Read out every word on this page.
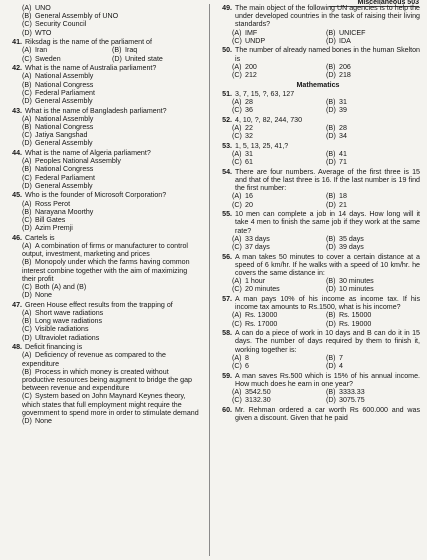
Miscellaneous 503
(A) UNO
(B) General Assembly of UNO
(C) Security Council
(D) WTO
41. Riksdag is the name of the parliament of
(A) Iran	(B) Iraq
(C) Sweden	(D) United state
42. What is the name of Australia parliament?
(A) National Assembly
(B) National Congress
(C) Federal Parliament
(D) General Assembly
43. What is the name of Bangladesh parliament?
(A) National Assembly
(B) National Congress
(C) Jatiya Sangshad
(D) General Assembly
44. What is the name of Algeria parliament?
(A) Peoples National Assembly
(B) National Congress
(C) Federal Parliament
(D) General Assembly
45. Who is the founder of Microsoft Corporation?
(A) Ross Perot
(B) Narayana Moorthy
(C) Bill Gates
(D) Azim Premji
46. Cartels is
(A) A combination of firms or manufacturer to control output, investment, marketing and prices
(B) Monopoly under which the farms having common interest combine together with the aim of maximizing their profit
(C) Both (A) and (B)
(D) None
47. Green House effect results from the trapping of
(A) Short wave radiations
(B) Long wave radiations
(C) Visible radiations
(D) Ultraviolet radiations
48. Deficit financing is
(A) Deficiency of revenue as compared to the expenditure
(B) Process in which money is created without productive resources being augment to bridge the gap between revenue and expenditure
(C) System based on John Maynard Keynes theory, which states that full employment might require the government to spend more in order to stimulate demand
(D) None
49. The main object of the following UN agencies is to help the under developed countries in the task of raising their living standards?
(A) IMF	(B) UNICEF
(C) UNDP	(D) IDA
50. The number of already named bones in the human Skelton is
(A) 200	(B) 206
(C) 212	(D) 218
Mathematics
51. 3, 7, 15, ?, 63, 127
(A) 28	(B) 31
(C) 36	(D) 39
52. 4, 10, ?, 82, 244, 730
(A) 22	(B) 28
(C) 32	(D) 34
53. 1, 5, 13, 25, 41,?
(A) 31	(B) 41
(C) 61	(D) 71
54. There are four numbers. Average of the first three is 15 and that of the last three is 16. If the last number is 19 find the first number:
(A) 16	(B) 18
(C) 20	(D) 21
55. 10 men can complete a job in 14 days. How long will it take 4 men to finish the same job if they work at the same rate?
(A) 33 days	(B) 35 days
(C) 37 days	(D) 39 days
56. A man takes 50 minutes to cover a certain distance at a speed of 6 km/hr. If he walks with a speed of 10 km/hr. he covers the same distance in:
(A) 1 hour	(B) 30 minutes
(C) 20 minutes	(D) 10 minutes
57. A man pays 10% of his income as income tax. If his income tax amounts to Rs.1500, what is his income?
(A) Rs. 13000	(B) Rs. 15000
(C) Rs. 17000	(D) Rs. 19000
58. A can do a piece of work in 10 days and B can do it in 15 days. The number of days required by them to finish it, working together is:
(A) 8	(B) 7
(C) 6	(D) 4
59. A man saves Rs.500 which is 15% of his annual income. How much does he earn in one year?
(A) 3542.50	(B) 3333.33
(C) 3132.30	(D) 3075.75
60. Mr. Rehman ordered a car worth Rs 600.000 and was given a discount. Given that he paid
